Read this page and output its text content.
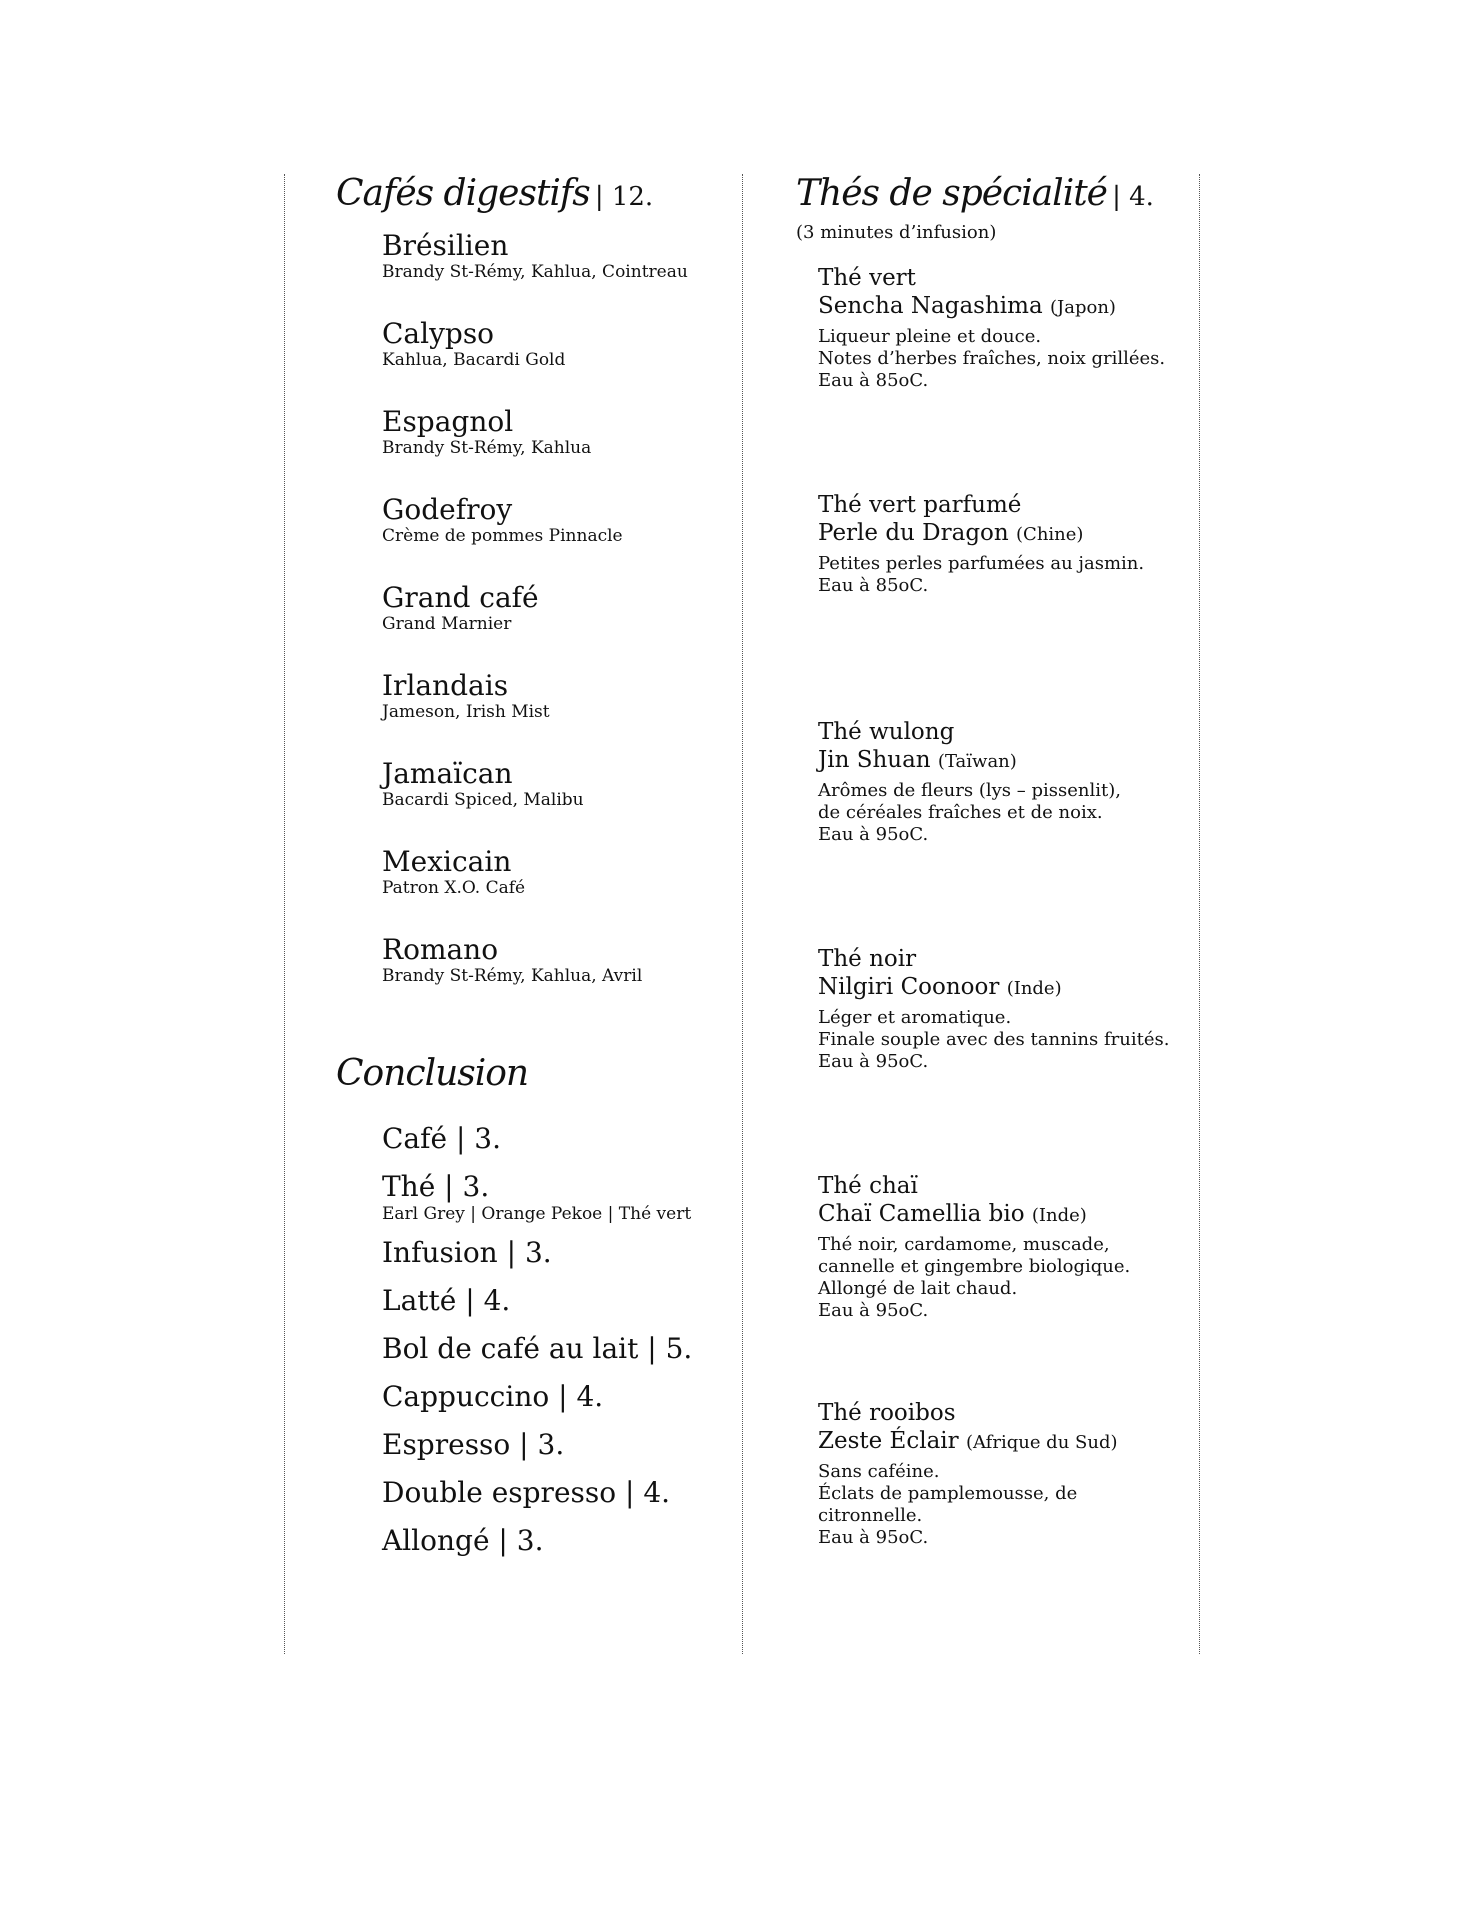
Cafés digestifs | 12.
Brésilien
Brandy St-Rémy, Kahlua, Cointreau
Calypso
Kahlua, Bacardi Gold
Espagnol
Brandy St-Rémy, Kahlua
Godefroy
Crème de pommes Pinnacle
Grand café
Grand Marnier
Irlandais
Jameson, Irish Mist
Jamaïcan
Bacardi Spiced, Malibu
Mexicain
Patron X.O. Café
Romano
Brandy St-Rémy, Kahlua, Avril
Conclusion
Café | 3.
Thé | 3.
Earl Grey | Orange Pekoe | Thé vert
Infusion | 3.
Latté | 4.
Bol de café au lait | 5.
Cappuccino | 4.
Espresso | 3.
Double espresso | 4.
Allongé | 3.
Thés de spécialité | 4.
(3 minutes d’infusion)
Thé vert
Sencha Nagashima (Japon)
Liqueur pleine et douce.
Notes d’herbes fraîches, noix grillées.
Eau à 85oC.
Thé vert parfumé
Perle du Dragon (Chine)
Petites perles parfumées au jasmin.
Eau à 85oC.
Thé wulong
Jin Shuan (Taïwan)
Arômes de fleurs (lys – pissenlit),
de céréales fraîches et de noix.
Eau à 95oC.
Thé noir
Nilgiri Coonoor (Inde)
Léger et aromatique.
Finale souple avec des tannins fruités.
Eau à 95oC.
Thé chaï
Chaï Camellia bio (Inde)
Thé noir, cardamome, muscade,
cannelle et gingembre biologique.
Allongé de lait chaud.
Eau à 95oC.
Thé rooibos
Zeste Éclair (Afrique du Sud)
Sans caféine.
Éclats de pamplemousse, de
citronnelle.
Eau à 95oC.
